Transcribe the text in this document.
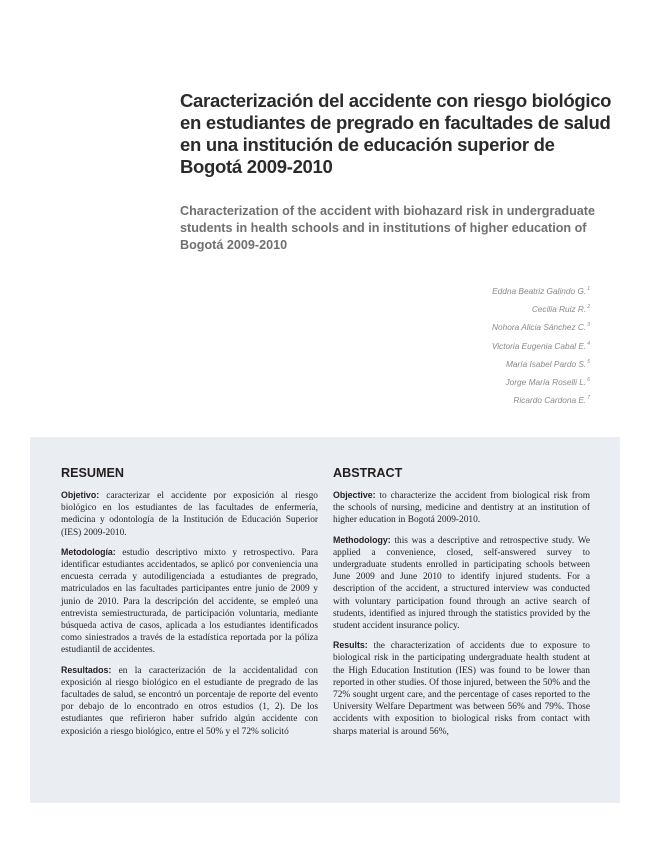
Caracterización del accidente con riesgo biológico en estudiantes de pregrado en facultades de salud en una institución de educación superior de Bogotá 2009-2010
Characterization of the accident with biohazard risk in undergraduate students in health schools and in institutions of higher education of Bogotá 2009-2010
Eddna Beatriz Galindo G.$^1$
Cecilia Ruiz R.$^2$
Nohora Alicia Sánchez C.$^3$
Victoria Eugenia Cabal E.$^4$
María Isabel Pardo S.$^5$
Jorge María Roselli L.$^6$
Ricardo Cardona E.$^7$
RESUMEN

Objetivo: caracterizar el accidente por exposición al riesgo biológico en los estudiantes de las facultades de enfermería, medicina y odontología de la Institución de Educación Superior (IES) 2009-2010.

Metodología: estudio descriptivo mixto y retrospectivo. Para identificar estudiantes accidentados, se aplicó por conveniencia una encuesta cerrada y autodiligenciada a estudiantes de pregrado, matriculados en las facultades participantes entre junio de 2009 y junio de 2010. Para la descripción del accidente, se empleó una entrevista semiestructurada, de participación voluntaria, mediante búsqueda activa de casos, aplicada a los estudiantes identificados como siniestrados a través de la estadística reportada por la póliza estudiantil de accidentes.

Resultados: en la caracterización de la accidentalidad con exposición al riesgo biológico en el estudiante de pregrado de las facultades de salud, se encontró un porcentaje de reporte del evento por debajo de lo encontrado en otros estudios (1, 2). De los estudiantes que refirieron haber sufrido algún accidente con exposición a riesgo biológico, entre el 50% y el 72% solicitó

ABSTRACT

Objective: to characterize the accident from biological risk from the schools of nursing, medicine and dentistry at an institution of higher education in Bogotá 2009-2010.

Methodology: this was a descriptive and retrospective study. We applied a convenience, closed, self-answered survey to undergraduate students enrolled in participating schools between June 2009 and June 2010 to identify injured students. For a description of the accident, a structured interview was conducted with voluntary participation found through an active search of students, identified as injured through the statistics provided by the student accident insurance policy.

Results: the characterization of accidents due to exposure to biological risk in the participating undergraduate health student at the High Education Institution (IES) was found to be lower than reported in other studies. Of those injured, between the 50% and the 72% sought urgent care, and the percentage of cases reported to the University Welfare Department was between 56% and 79%. Those accidents with exposition to biological risks from contact with sharps material is around 56%,
